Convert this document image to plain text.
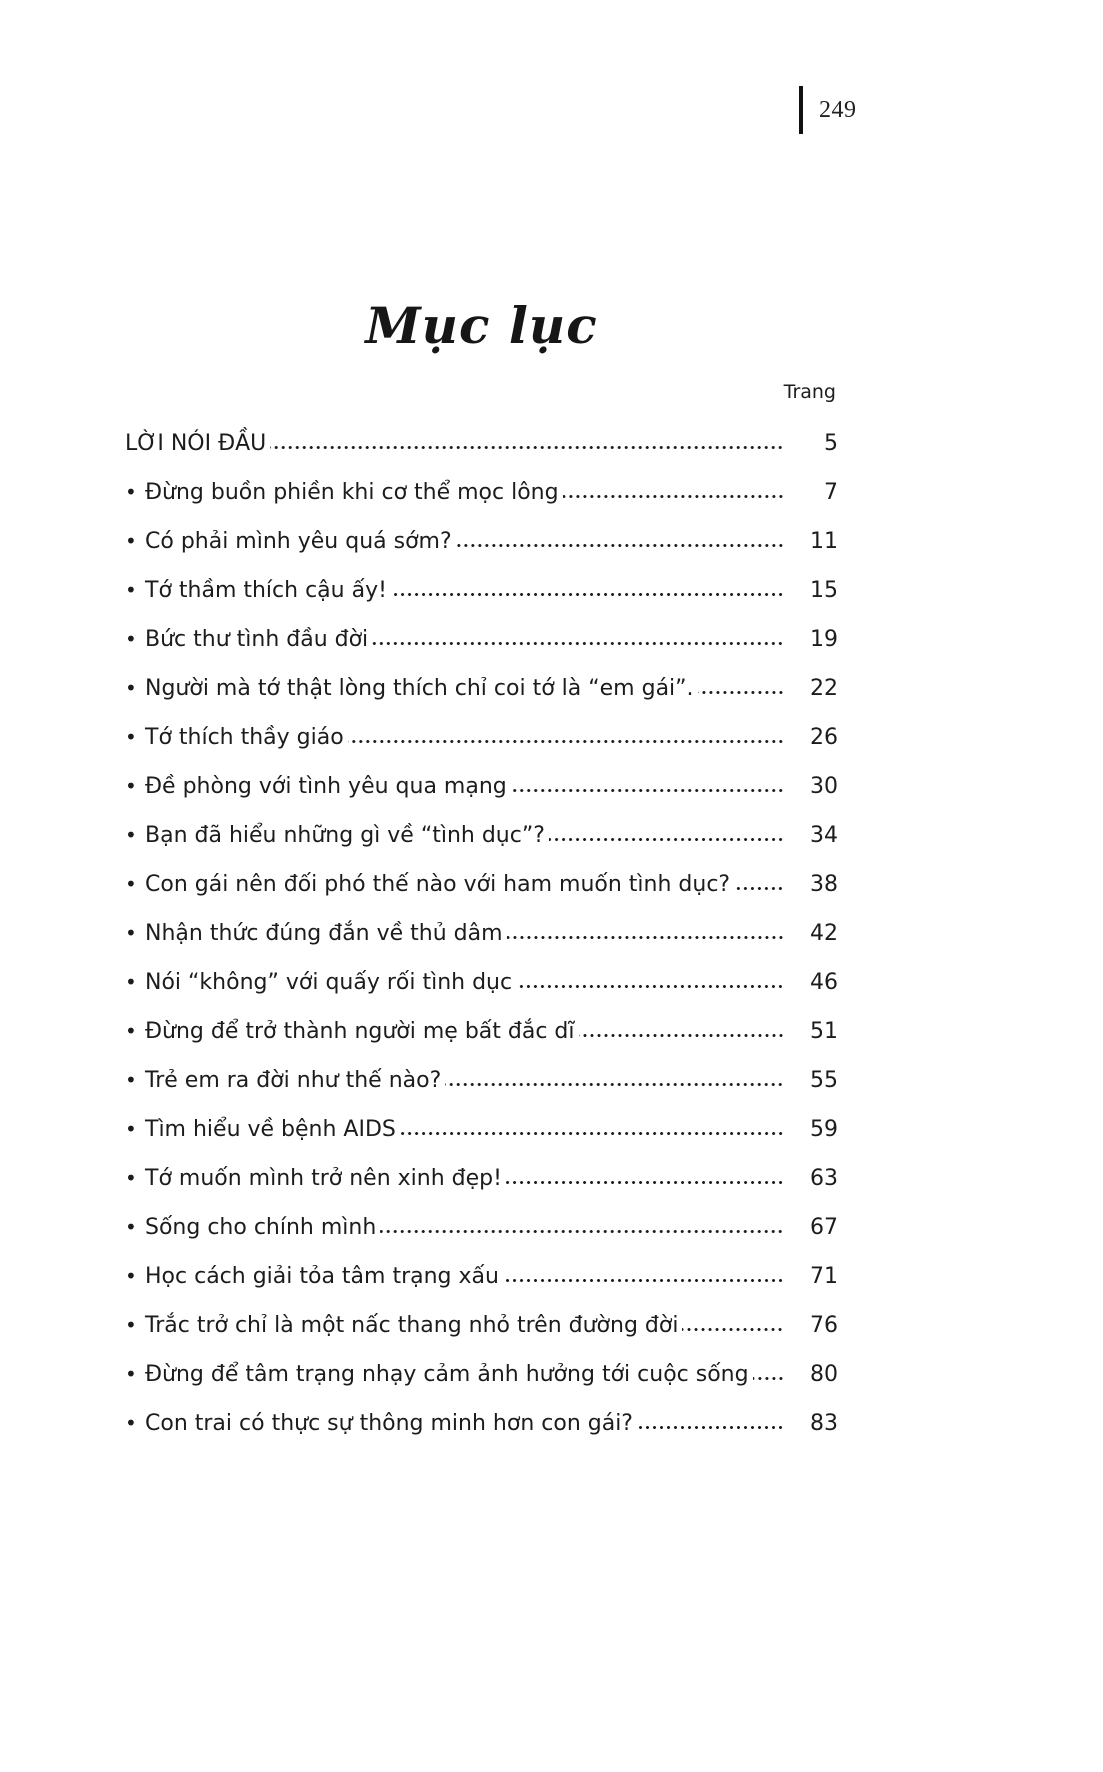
249
Mục lục
Trang
LỜI NÓI ĐẦU	5
• Đừng buồn phiền khi cơ thể mọc lông	7
• Có phải mình yêu quá sớm?	11
• Tớ thầm thích cậu ấy!	15
• Bức thư tình đầu đời	19
• Người mà tớ thật lòng thích chỉ coi tớ là “em gái”.	22
• Tớ thích thầy giáo	26
• Đề phòng với tình yêu qua mạng	30
• Bạn đã hiểu những gì về “tình dục”?	34
• Con gái nên đối phó thế nào với ham muốn tình dục?	38
• Nhận thức đúng đắn về thủ dâm	42
• Nói “không” với quấy rối tình dục	46
• Đừng để trở thành người mẹ bất đắc dĩ	51
• Trẻ em ra đời như thế nào?	55
• Tìm hiểu về bệnh AIDS	59
• Tớ muốn mình trở nên xinh đẹp!	63
• Sống cho chính mình	67
• Học cách giải tỏa tâm trạng xấu	71
• Trắc trở chỉ là một nấc thang nhỏ trên đường đời	76
• Đừng để tâm trạng nhạy cảm ảnh hưởng tới cuộc sống	80
• Con trai có thực sự thông minh hơn con gái?	83
